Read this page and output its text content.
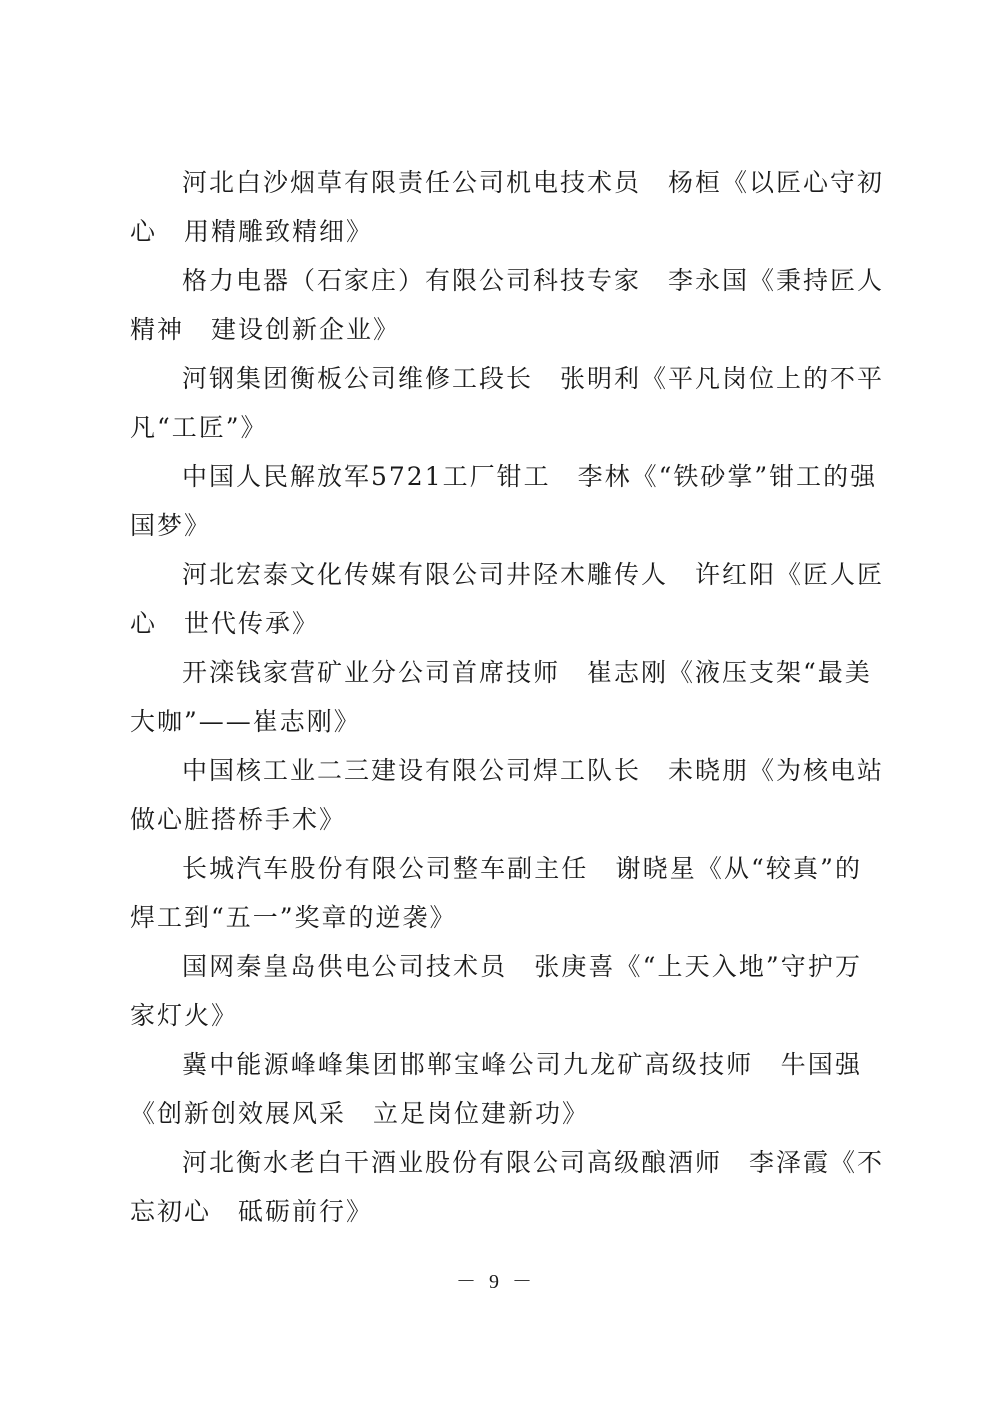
河北白沙烟草有限责任公司机电技术员　杨桓《以匠心守初
心　用精雕致精细》
格力电器（石家庄）有限公司科技专家　李永国《秉持匠人
精神　建设创新企业》
河钢集团衡板公司维修工段长　张明利《平凡岗位上的不平
凡“工匠”》
中国人民解放军5721工厂钳工　李林《“铁砂掌”钳工的强
国梦》
河北宏泰文化传媒有限公司井陉木雕传人　许红阳《匠人匠
心　世代传承》
开滦钱家营矿业分公司首席技师　崔志刚《液压支架“最美
大咖”——崔志刚》
中国核工业二三建设有限公司焊工队长　未晓朋《为核电站
做心脏搭桥手术》
长城汽车股份有限公司整车副主任　谢晓星《从“较真”的
焊工到“五一”奖章的逆袭》
国网秦皇岛供电公司技术员　张庚喜《“上天入地”守护万
家灯火》
冀中能源峰峰集团邯郸宝峰公司九龙矿高级技师　牛国强
《创新创效展风采　立足岗位建新功》
河北衡水老白干酒业股份有限公司高级酿酒师　李泽霞《不
忘初心　砥砺前行》
－ 9 －
